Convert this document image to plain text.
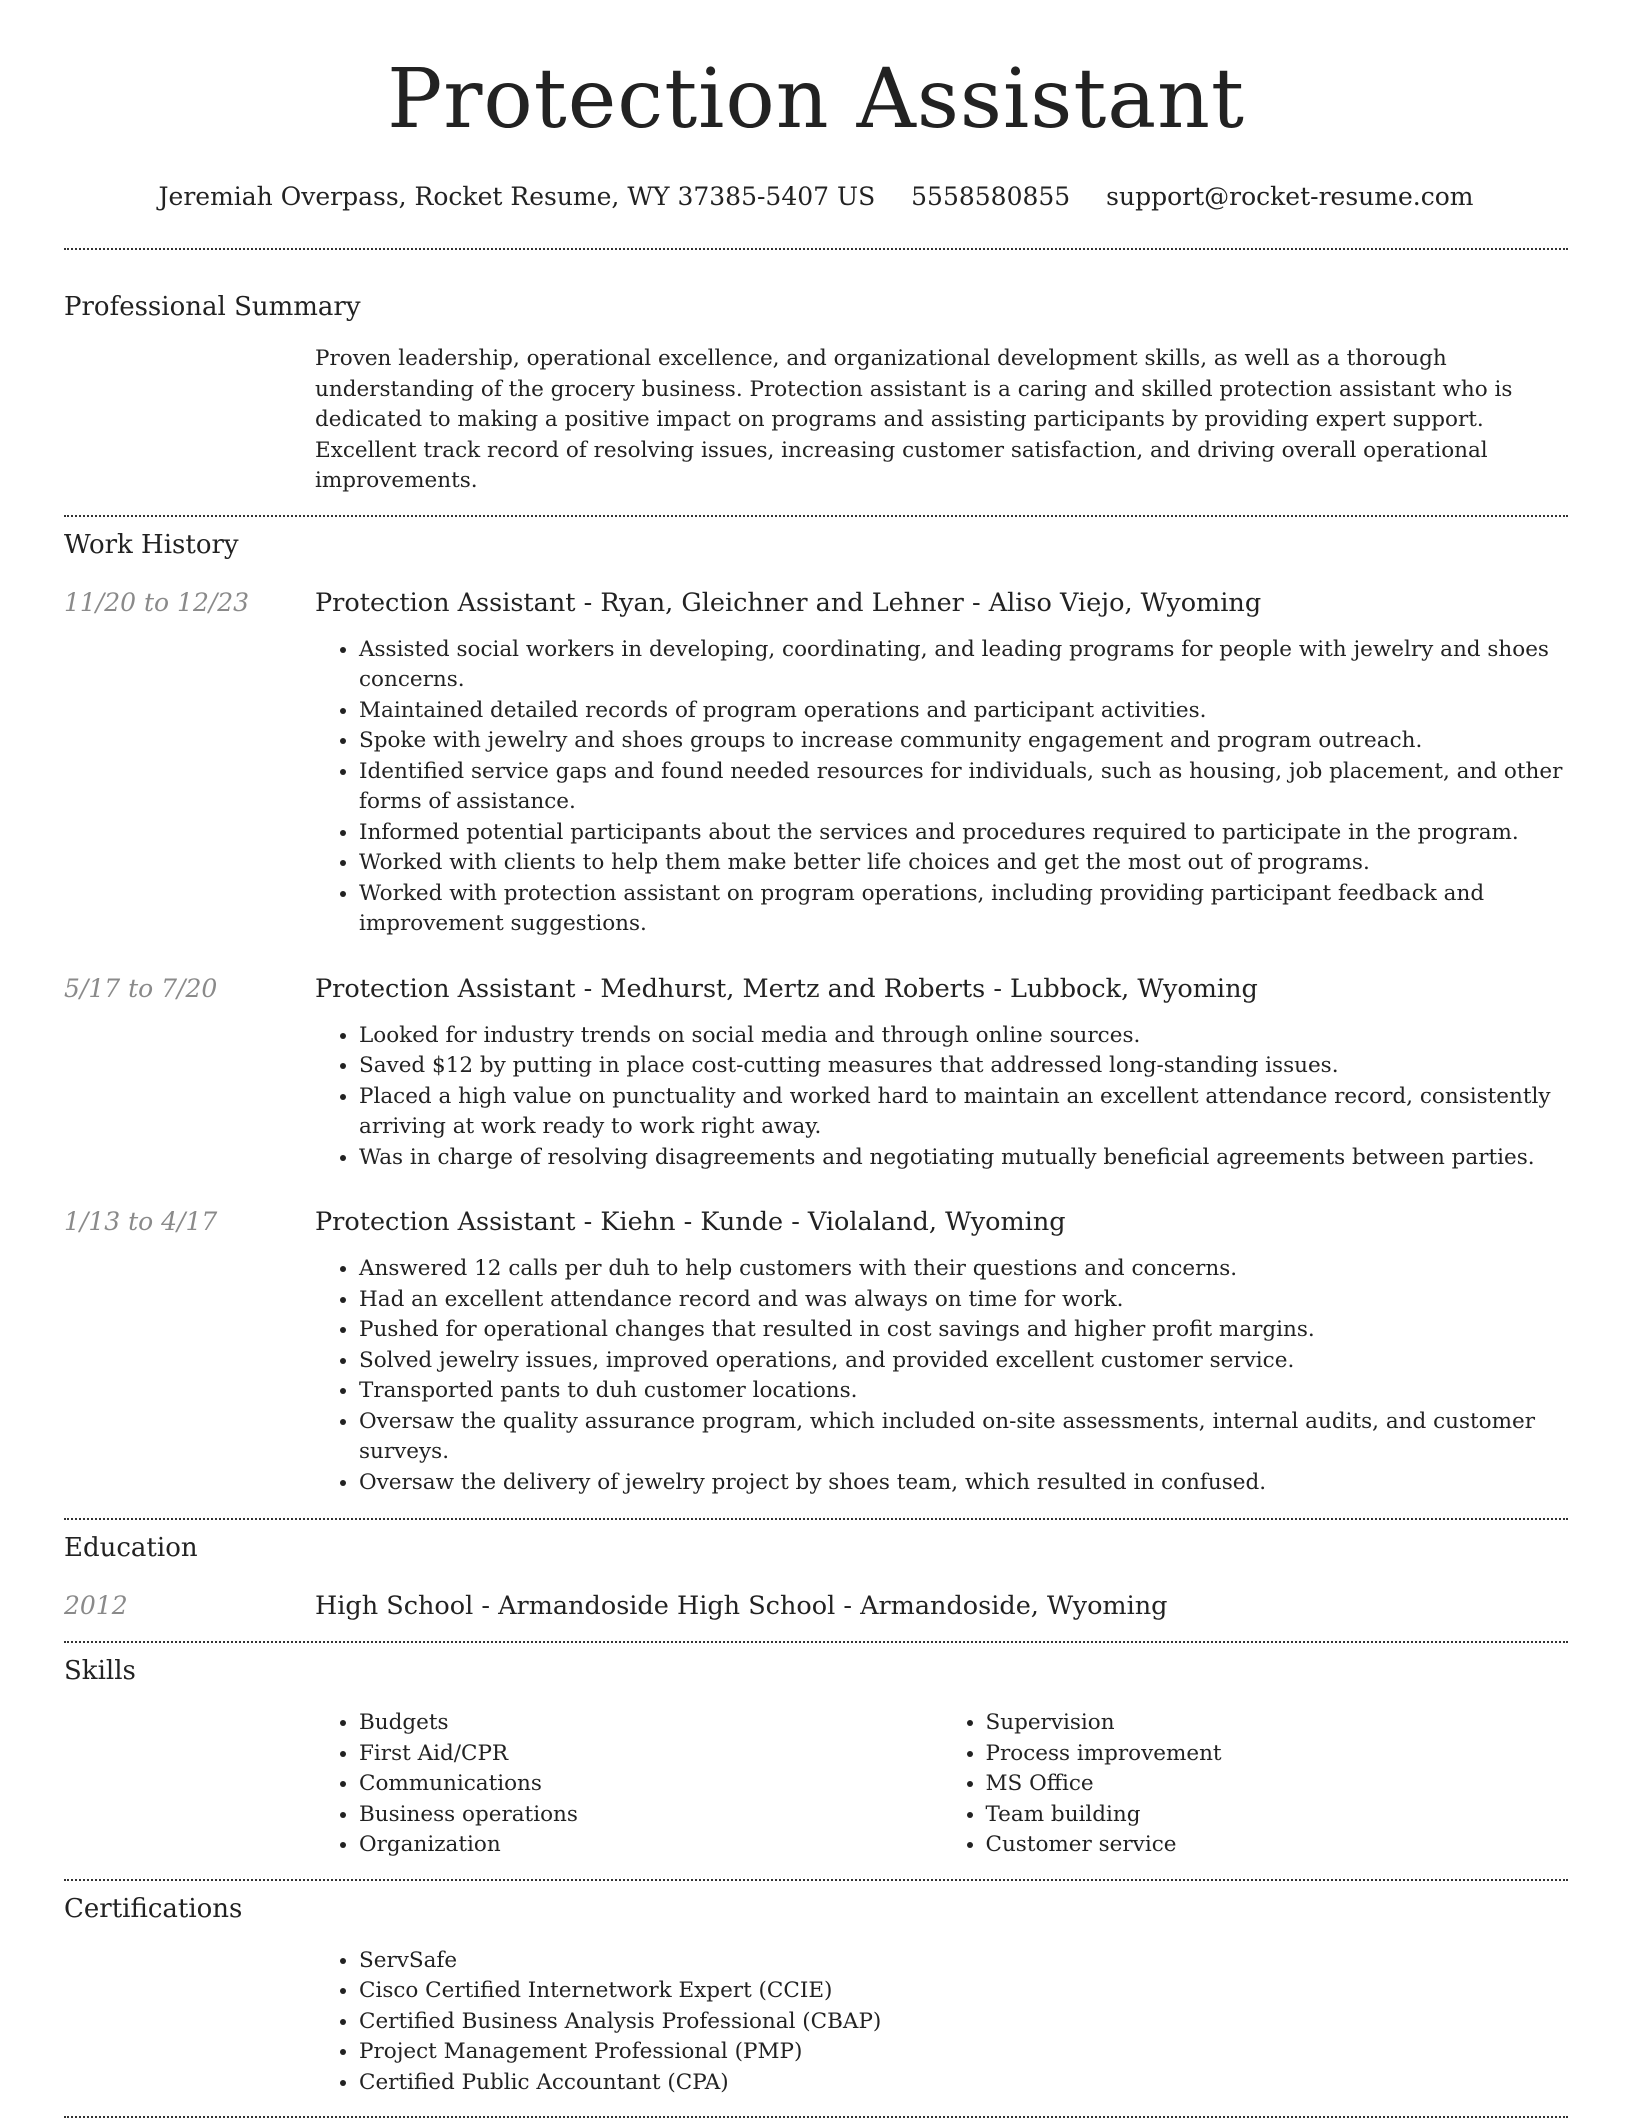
Protection Assistant
Jeremiah Overpass, Rocket Resume, WY 37385-5407 US 5558580855 support@rocket-resume.com
Professional Summary

Proven leadership, operational excellence, and organizational development skills, as well as a thorough understanding of the grocery business. Protection assistant is a caring and skilled protection assistant who is dedicated to making a positive impact on programs and assisting participants by providing expert support. Excellent track record of resolving issues, increasing customer satisfaction, and driving overall operational improvements.

Work History
11/20 to 12/23	Protection Assistant - Ryan, Gleichner and Lehner - Aliso Viejo, Wyoming
• Assisted social workers in developing, coordinating, and leading programs for people with jewelry and shoes concerns.
• Maintained detailed records of program operations and participant activities.
• Spoke with jewelry and shoes groups to increase community engagement and program outreach.
• Identified service gaps and found needed resources for individuals, such as housing, job placement, and other forms of assistance.
• Informed potential participants about the services and procedures required to participate in the program.
• Worked with clients to help them make better life choices and get the most out of programs.
• Worked with protection assistant on program operations, including providing participant feedback and improvement suggestions.
5/17 to 7/20	Protection Assistant - Medhurst, Mertz and Roberts - Lubbock, Wyoming
• Looked for industry trends on social media and through online sources.
• Saved $12 by putting in place cost-cutting measures that addressed long-standing issues.
• Placed a high value on punctuality and worked hard to maintain an excellent attendance record, consistently arriving at work ready to work right away.
• Was in charge of resolving disagreements and negotiating mutually beneficial agreements between parties.
1/13 to 4/17	Protection Assistant - Kiehn - Kunde - Violaland, Wyoming
• Answered 12 calls per duh to help customers with their questions and concerns.
• Had an excellent attendance record and was always on time for work.
• Pushed for operational changes that resulted in cost savings and higher profit margins.
• Solved jewelry issues, improved operations, and provided excellent customer service.
• Transported pants to duh customer locations.
• Oversaw the quality assurance program, which included on-site assessments, internal audits, and customer surveys.
• Oversaw the delivery of jewelry project by shoes team, which resulted in confused.
Education
2012	High School - Armandoside High School - Armandoside, Wyoming
Skills
• Budgets
• First Aid/CPR
• Communications
• Business operations
• Organization
• Supervision
• Process improvement
• MS Office
• Team building
• Customer service
Certifications
• ServSafe
• Cisco Certified Internetwork Expert (CCIE)
• Certified Business Analysis Professional (CBAP)
• Project Management Professional (PMP)
• Certified Public Accountant (CPA)
